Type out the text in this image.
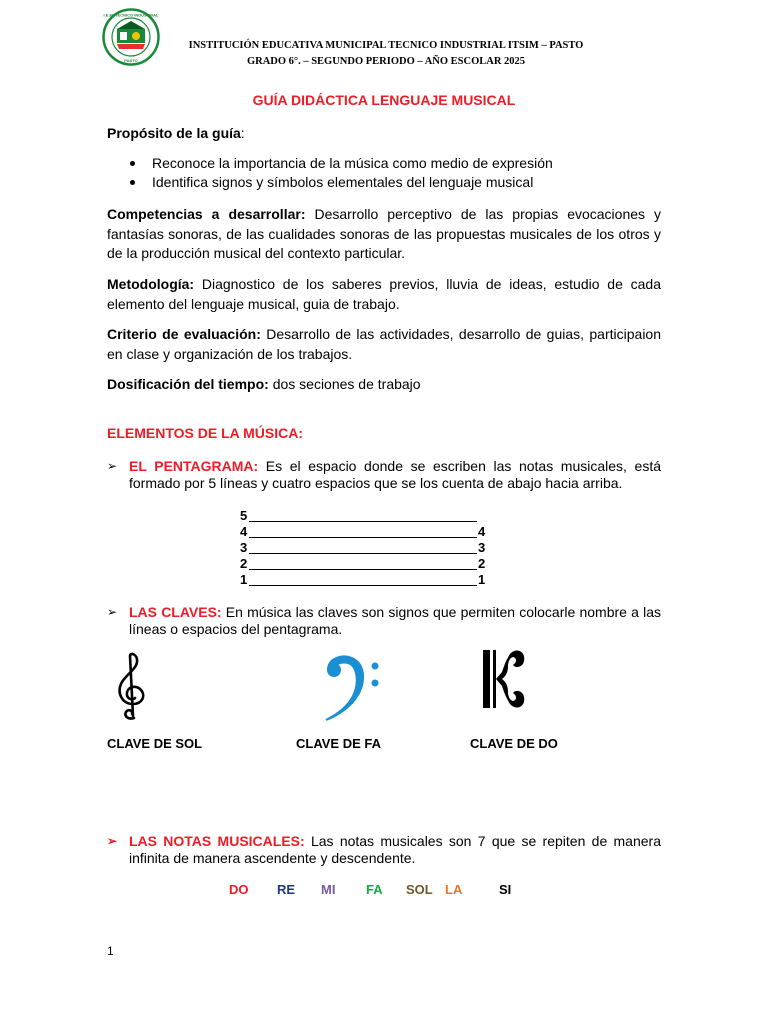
I.E.M. TECNICO INDUSTRIAL
PASTO
INSTITUCIÓN EDUCATIVA MUNICIPAL TECNICO INDUSTRIAL ITSIM – PASTO
GRADO 6°. – SEGUNDO PERIODO – AÑO ESCOLAR 2025
GUÍA DIDÁCTICA LENGUAJE MUSICAL
Propósito de la guía:
Reconoce la importancia de la música como medio de expresión
Identifica signos y símbolos elementales del lenguaje musical
Competencias a desarrollar: Desarrollo perceptivo de las propias evocaciones y fantasías sonoras, de las cualidades sonoras de las propuestas musicales de los otros y de la producción musical del contexto particular.
Metodología: Diagnostico de los saberes previos, lluvia de ideas, estudio de cada elemento del lenguaje musical, guia de trabajo.
Criterio de evaluación: Desarrollo de las actividades, desarrollo de guias, participaion en clase y organización de los trabajos.
Dosificación del tiempo: dos seciones de trabajo
ELEMENTOS DE LA MÚSICA:
➢ EL PENTAGRAMA: Es el espacio donde se escriben las notas musicales, está formado por 5 líneas y cuatro espacios que se los cuenta de abajo hacia arriba.
5
4	4
3	3
2	2
1	1
➢ LAS CLAVES: En música las claves son signos que permiten colocarle nombre a las líneas o espacios del pentagrama.
CLAVE DE SOL	CLAVE DE FA	CLAVE DE DO
➢ LAS NOTAS MUSICALES: Las notas musicales son 7 que se repiten de manera infinita de manera ascendente y descendente.
DO RE MI FA SOL LA	SI
1
